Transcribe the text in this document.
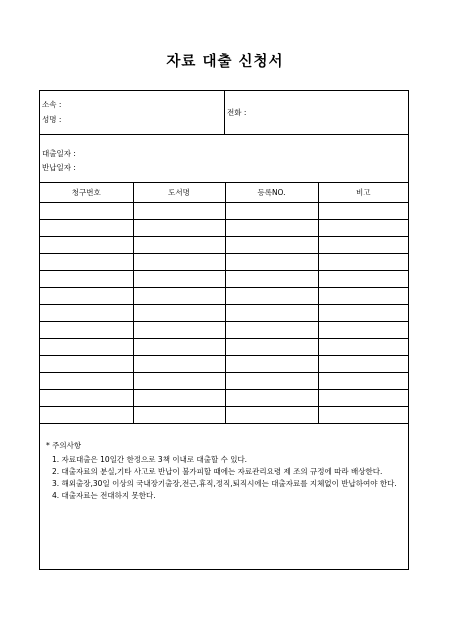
자료 대출 신청서
소속 :
성명 :
전화 :
대출일자 :
반납일자 :
청구번호	도서명	등록NO.	비고

* 주의사항
1. 자료대출은 10일간 한정으로 3책 이내로 대출할 수 있다.
2. 대출자료의 분실,기타 사고로 반납이 불가피할 때에는 자료관리요령 제 조의 규정에 따라 배상한다.
3. 해외출장,30일 이상의 국내장기출장,전근,휴직,정직,퇴직시에는 대출자료를 지체없이 반납하여야 한다.
4. 대출자료는 전대하지 못한다.
